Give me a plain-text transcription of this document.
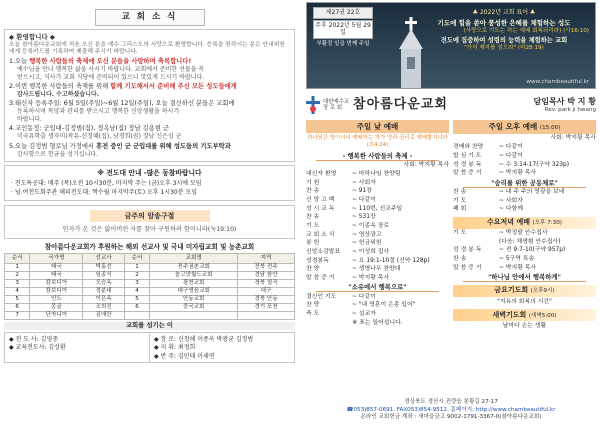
교 회 소 식
◆ 환영합니다 ◆
오늘 참아름다운교회에 처음 오신 분을 예수 그리스도의 사랑으로 환영합니다. 등록을 원하시는 분은 안내위원에게 등록카드를 기록하여 제출해 주시기 바랍니다.
1.오늘 행복한 사람들의 축제에 오신 분들을 사랑하며 축복합니다!
예수님을 만나 행복한 삶을 사시기 바랍니다. 교회에서 준비한 선물을 꼭
받으시고, 식사가 교회 식당에 준비되어 있으니 맛있게 드시기 바랍니다.
2.이번 행복한 사람들의 축제를 위해 함께 기도해서서 준비해 주신 모든 성도들에게
감사드립니다. 수고하셨습니다.
3.태신자 등록주일: 6월 5일(주일)~6월 12일(주일), 오늘 결신하신 분들은 교회에
등록하시며 목양과 관리를 받으시고 행복한 신앙생활을 하시기
바랍니다.
4.교인동정: 군입대-김정범(집), 정옥남(집) 장남 김용현 군
미국유학출 생자미(곽유-신정혜(집), 남경희(권) 장남 신은성 군
5.오늘 김정범 형로님 가정에서 휴전 중인 군 군입대를 위해 성도들의 기도부탁과
감사함으로 헌금을 성기십니다.
※ 전도대 안내 -많은 동참바랍니다
· 전도특공대: 매주 (목)오전 10시30분, 마지막 주는 (금)오후 3시에 모임
· 넘.여전도회주관 해피전도대: 짝수월 마지막주(토) 오후 1시30분 모임
금주의 암송구절
인자가 온 것은 잃어버린 자를 찾아 구원하려 함이니라(눅19:10)
참아름다운교회가 후원하는 해외 선교사 및 국내 미자립교회 및 농촌교회
순서	국가명	선교사	순서	교회명	지역
1	태국	박홍선	1	전주권촌교회	전북 전주
2	태국	임종식	2	놀고맛월드교회	경남 함안
3	캄보디아	오승옥	3	광천교회	경북 칠곡
4	캄보디아	정분대	4	대구생음교회	대구
5	인도	이은옥	5	안동교회	경북 안동
6	몽골	조희진	6	중국교회	경기 포천
7	단자니아	김애란			
교회를 섬기는 이
◆ 전 도 사: 김영중
◆ 교육전도사: 김상환
◆ 장 로: 신청해 이종옥 박광균 김정범
◆ 지 휘: 최정희
◆ 반 주: 김민태 이세연
제27권 22호
주후 2022년 5월 29일
부활절 일곱 번째 주일
♣ 2022년 교회 표어 ♣
기도에 힘을 쏟아 풍성한 은혜를 체험하는 성도
(사랑으로 기도는 하는 예배 회복되리라) (사16:10)
전도에 집중하여 성령의 능력을 체험하는 교회
"가서 제자를 삼으라" (마28:19)
www.chambeautiful.kr
대한예수교
장 로 회 참아름다운교회	담임목사 박 지 황
Rev. park ji hwang
주일 낮 예배
하나님은 영이시니 예배하는 자가 영과 진리로 예배할지니라(요4:24)
- 행복한 사람들의 축제 -
사회: 박지황 목사
대신자 환영	~ 마하나임 찬양팀
기 원	~ 사회자
찬 송	~ 91장
신 앙 고 백	~ 다같이
성 시 교 독	~ 110번, 선교주일
찬 송	~ 531장
기 도	~ 이종옥 장로
교 회 소 식	~ 영상광고
봉 헌	~ 헌금위원
신앙소감발표	~ 이성희 집사
성경봉독	~ 요 19:1-10절 (신약 128p)
찬 양	~ 생명나무 찬양대
말 씀 증 거	~ 박지황 목사
"소유에서 행복으로"
결신인 기도	~ 다같이
찬 양	~ "내 영혼이 은총 입어"
축 도	~ 설교자
※ 표는 일어섭니다.
주일 오후 예배 (15:00)
사회: 박지황 목사
경배와 찬양	~ 다같이
합 심 기 도	~ 다같이
성 경 봉 독	~ 수 3:14-17(구약 323p)
말 씀 증 거	~ 박지황 목사
"승리를 위한 공동체로"
찬 송	~ 내 주 주의 영광을 보네
기 도	~ 사회자
폐 회	~ 다함께
수요저녁 예배 (오후 7:30)
기 도	~ 박정팔 안수집사
(다음: 채명훤 안수집사)
성 경 봉 독	~ 전 9:7-10(구약 957p)
찬 송	~ 5구역 특송
말 씀 증 거	~ 박지황 목사
"하나님 안에서 행복하게"
금요기도회 (오후9시)
"지유의 회복의 시간"
새벽기도회 (새벽5:00)
날마다 손는 생활
경상북도 경산시 진량읍 봉황길 27-17
☎053)857-0691. FAX053)854-9512. 홈페이지: http://www.chambeautiful.kr
온라인 교회헌금 계좌 : 새마을금고 9002-1791-3367-0(참아름다운교회)
